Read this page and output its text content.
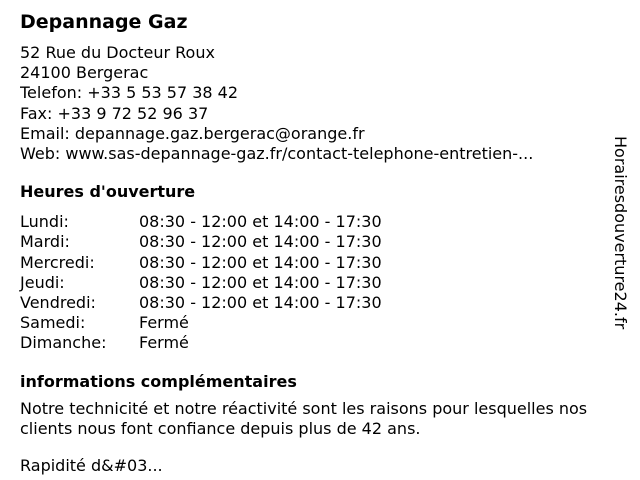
Depannage Gaz
52 Rue du Docteur Roux
24100 Bergerac
Telefon: +33 5 53 57 38 42
Fax: +33 9 72 52 96 37
Email: depannage.gaz.bergerac@orange.fr
Web: www.sas-depannage-gaz.fr/contact-telephone-entretien-...
Heures d'ouverture
Lundi:	08:30 - 12:00 et 14:00 - 17:30
Mardi:	08:30 - 12:00 et 14:00 - 17:30
Mercredi:	08:30 - 12:00 et 14:00 - 17:30
Jeudi:	08:30 - 12:00 et 14:00 - 17:30
Vendredi:	08:30 - 12:00 et 14:00 - 17:30
Samedi:	Fermé
Dimanche:	Fermé
informations complémentaires

Notre technicité et notre réactivité sont les raisons pour lesquelles nos clients nous font confiance depuis plus de 42 ans.

Rapidité d&#03...
Horairesdouverture24.fr
